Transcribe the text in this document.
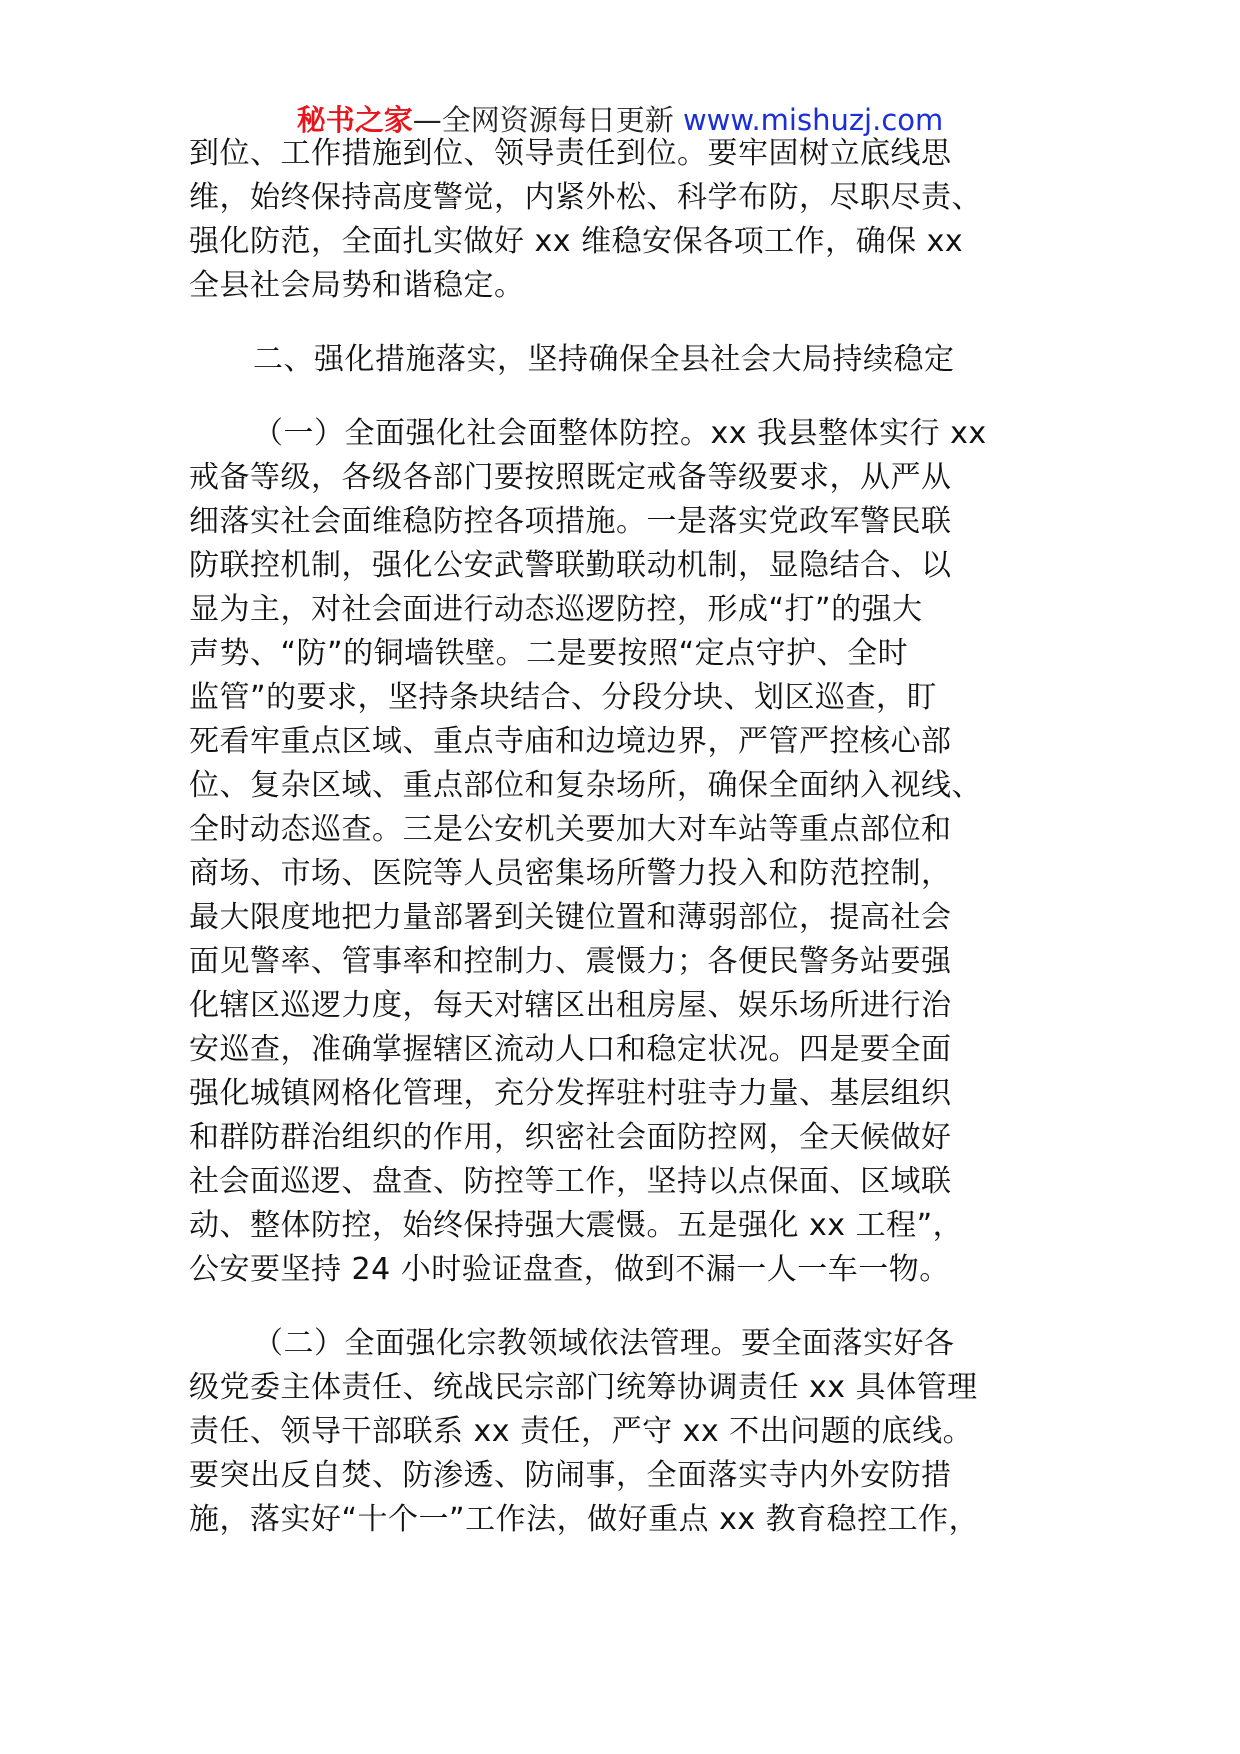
秘书之家—全网资源每日更新 www.mishuzj.com
到位、工作措施到位、领导责任到位。要牢固树立底线思
维，始终保持高度警觉，内紧外松、科学布防，尽职尽责、
强化防范，全面扎实做好 xx 维稳安保各项工作，确保 xx
全县社会局势和谐稳定。
二、强化措施落实，坚持确保全县社会大局持续稳定
（一）全面强化社会面整体防控。xx 我县整体实行 xx
戒备等级，各级各部门要按照既定戒备等级要求，从严从
细落实社会面维稳防控各项措施。一是落实党政军警民联
防联控机制，强化公安武警联勤联动机制，显隐结合、以
显为主，对社会面进行动态巡逻防控，形成“打”的强大
声势、“防”的铜墙铁壁。二是要按照“定点守护、全时
监管”的要求，坚持条块结合、分段分块、划区巡查，盯
死看牢重点区域、重点寺庙和边境边界，严管严控核心部
位、复杂区域、重点部位和复杂场所，确保全面纳入视线、
全时动态巡查。三是公安机关要加大对车站等重点部位和
商场、市场、医院等人员密集场所警力投入和防范控制，
最大限度地把力量部署到关键位置和薄弱部位，提高社会
面见警率、管事率和控制力、震慑力；各便民警务站要强
化辖区巡逻力度，每天对辖区出租房屋、娱乐场所进行治
安巡查，准确掌握辖区流动人口和稳定状况。四是要全面
强化城镇网格化管理，充分发挥驻村驻寺力量、基层组织
和群防群治组织的作用，织密社会面防控网，全天候做好
社会面巡逻、盘查、防控等工作，坚持以点保面、区域联
动、整体防控，始终保持强大震慑。五是强化 xx 工程”，
公安要坚持 24 小时验证盘查，做到不漏一人一车一物。
（二）全面强化宗教领域依法管理。要全面落实好各
级党委主体责任、统战民宗部门统筹协调责任 xx 具体管理
责任、领导干部联系 xx 责任，严守 xx 不出问题的底线。
要突出反自焚、防渗透、防闹事，全面落实寺内外安防措
施，落实好“十个一”工作法，做好重点 xx 教育稳控工作，
